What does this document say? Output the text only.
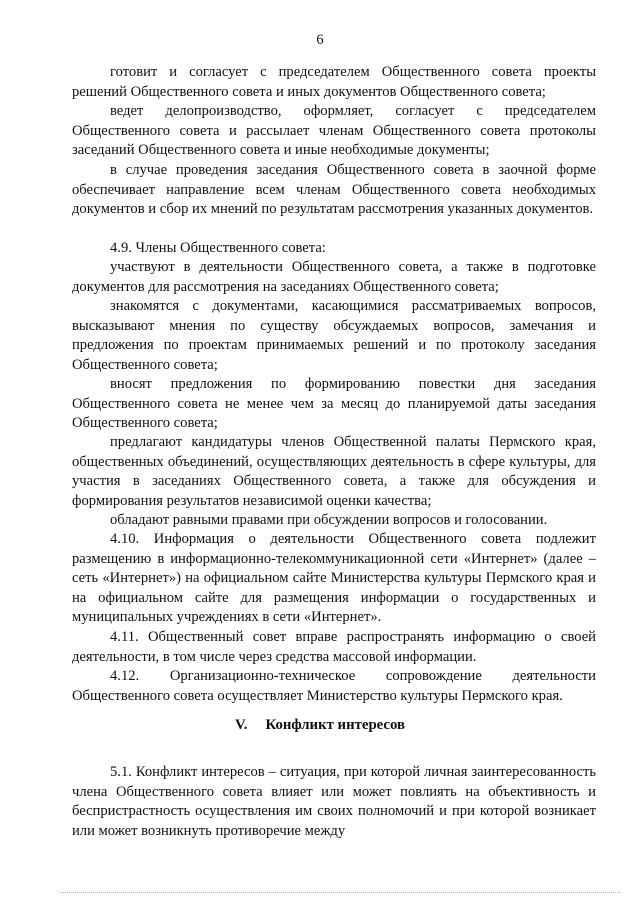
6

готовит и согласует с председателем Общественного совета проекты решений Общественного совета и иных документов Общественного совета;

ведет делопроизводство, оформляет, согласует с председателем Общественного совета и рассылает членам Общественного совета протоколы заседаний Общественного совета и иные необходимые документы;

в случае проведения заседания Общественного совета в заочной форме обеспечивает направление всем членам Общественного совета необходимых документов и сбор их мнений по результатам рассмотрения указанных документов.

4.9. Члены Общественного совета:

участвуют в деятельности Общественного совета, а также в подготовке документов для рассмотрения на заседаниях Общественного совета;

знакомятся с документами, касающимися рассматриваемых вопросов, высказывают мнения по существу обсуждаемых вопросов, замечания и предложения по проектам принимаемых решений и по протоколу заседания Общественного совета;

вносят предложения по формированию повестки дня заседания Общественного совета не менее чем за месяц до планируемой даты заседания Общественного совета;

предлагают кандидатуры членов Общественной палаты Пермского края, общественных объединений, осуществляющих деятельность в сфере культуры, для участия в заседаниях Общественного совета, а также для обсуждения и формирования результатов независимой оценки качества;

обладают равными правами при обсуждении вопросов и голосовании.

4.10. Информация о деятельности Общественного совета подлежит размещению в информационно-телекоммуникационной сети «Интернет» (далее – сеть «Интернет») на официальном сайте Министерства культуры Пермского края и на официальном сайте для размещения информации о государственных и муниципальных учреждениях в сети «Интернет».

4.11. Общественный совет вправе распространять информацию о своей деятельности, в том числе через средства массовой информации.

4.12. Организационно-техническое сопровождение деятельности Общественного совета осуществляет Министерство культуры Пермского края.

V. Конфликт интересов

5.1. Конфликт интересов – ситуация, при которой личная заинтересованность члена Общественного совета влияет или может повлиять на объективность и беспристрастность осуществления им своих полномочий и при которой возникает или может возникнуть противоречие между
